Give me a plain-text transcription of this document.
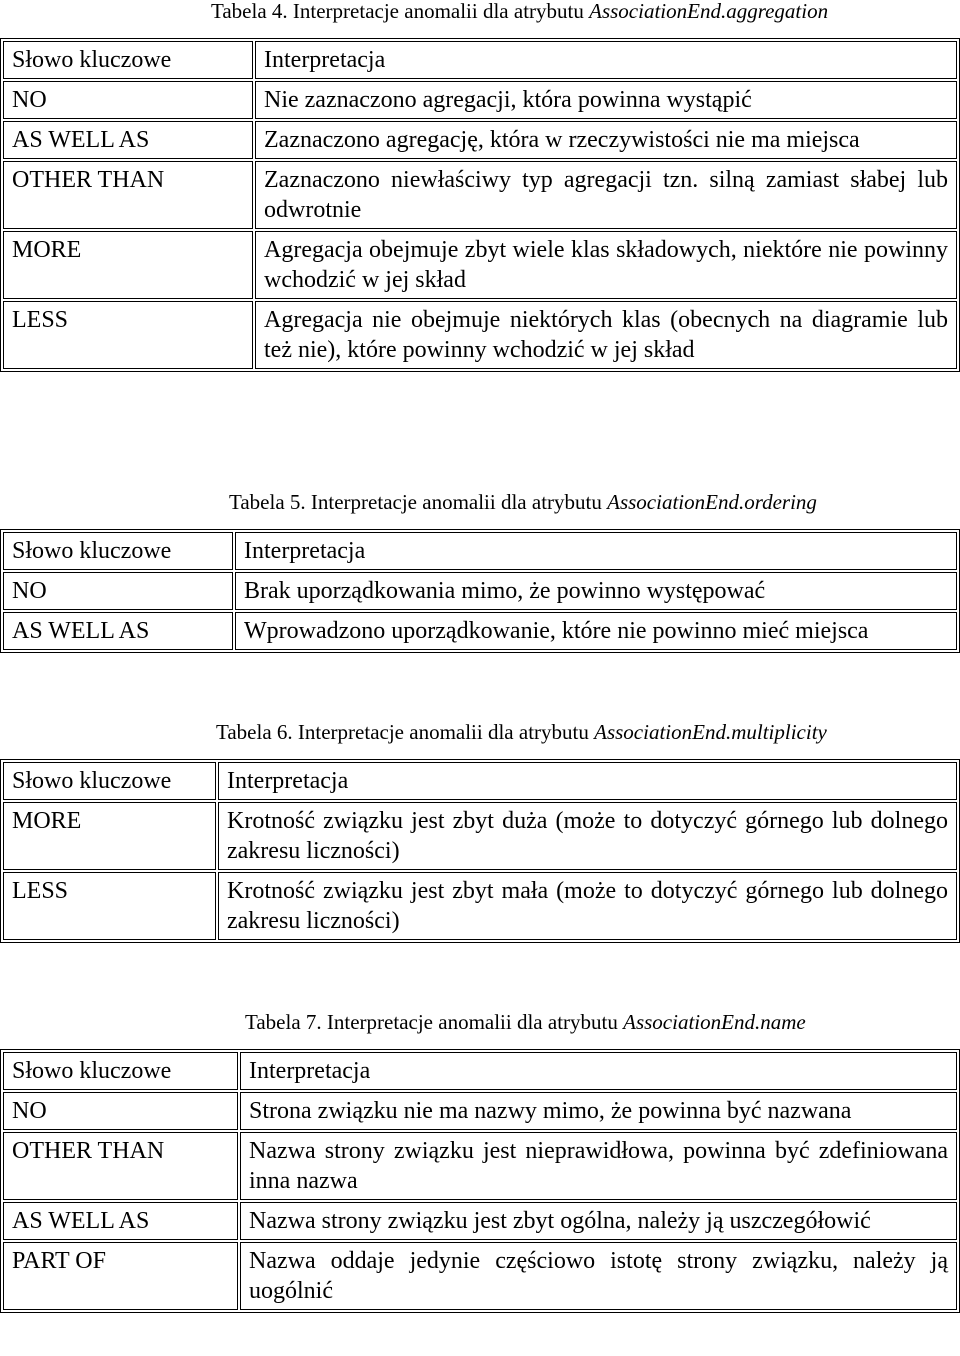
Tabela 4. Interpretacje anomalii dla atrybutu AssociationEnd.aggregation
Słowo kluczowe	Interpretacja
NO	Nie zaznaczono agregacji, która powinna wystąpić
AS WELL AS	Zaznaczono agregację, która w rzeczywistości nie ma miejsca
OTHER THAN	Zaznaczono niewłaściwy typ agregacji tzn. silną zamiast słabej lub odwrotnie
MORE	Agregacja obejmuje zbyt wiele klas składowych, niektóre nie powinny wchodzić w jej skład
LESS	Agregacja nie obejmuje niektórych klas (obecnych na diagramie lub też nie), które powinny wchodzić w jej skład
Tabela 5. Interpretacje anomalii dla atrybutu AssociationEnd.ordering
Słowo kluczowe	Interpretacja
NO	Brak uporządkowania mimo, że powinno występować
AS WELL AS	Wprowadzono uporządkowanie, które nie powinno mieć miejsca
Tabela 6. Interpretacje anomalii dla atrybutu AssociationEnd.multiplicity
Słowo kluczowe	Interpretacja
MORE	Krotność związku jest zbyt duża (może to dotyczyć górnego lub dolnego zakresu liczności)
LESS	Krotność związku jest zbyt mała (może to dotyczyć górnego lub dolnego zakresu liczności)
Tabela 7. Interpretacje anomalii dla atrybutu AssociationEnd.name
Słowo kluczowe	Interpretacja
NO	Strona związku nie ma nazwy mimo, że powinna być nazwana
OTHER THAN	Nazwa strony związku jest nieprawidłowa, powinna być zdefiniowana inna nazwa
AS WELL AS	Nazwa strony związku jest zbyt ogólna, należy ją uszczegółowić
PART OF	Nazwa oddaje jedynie częściowo istotę strony związku, należy ją uogólnić
